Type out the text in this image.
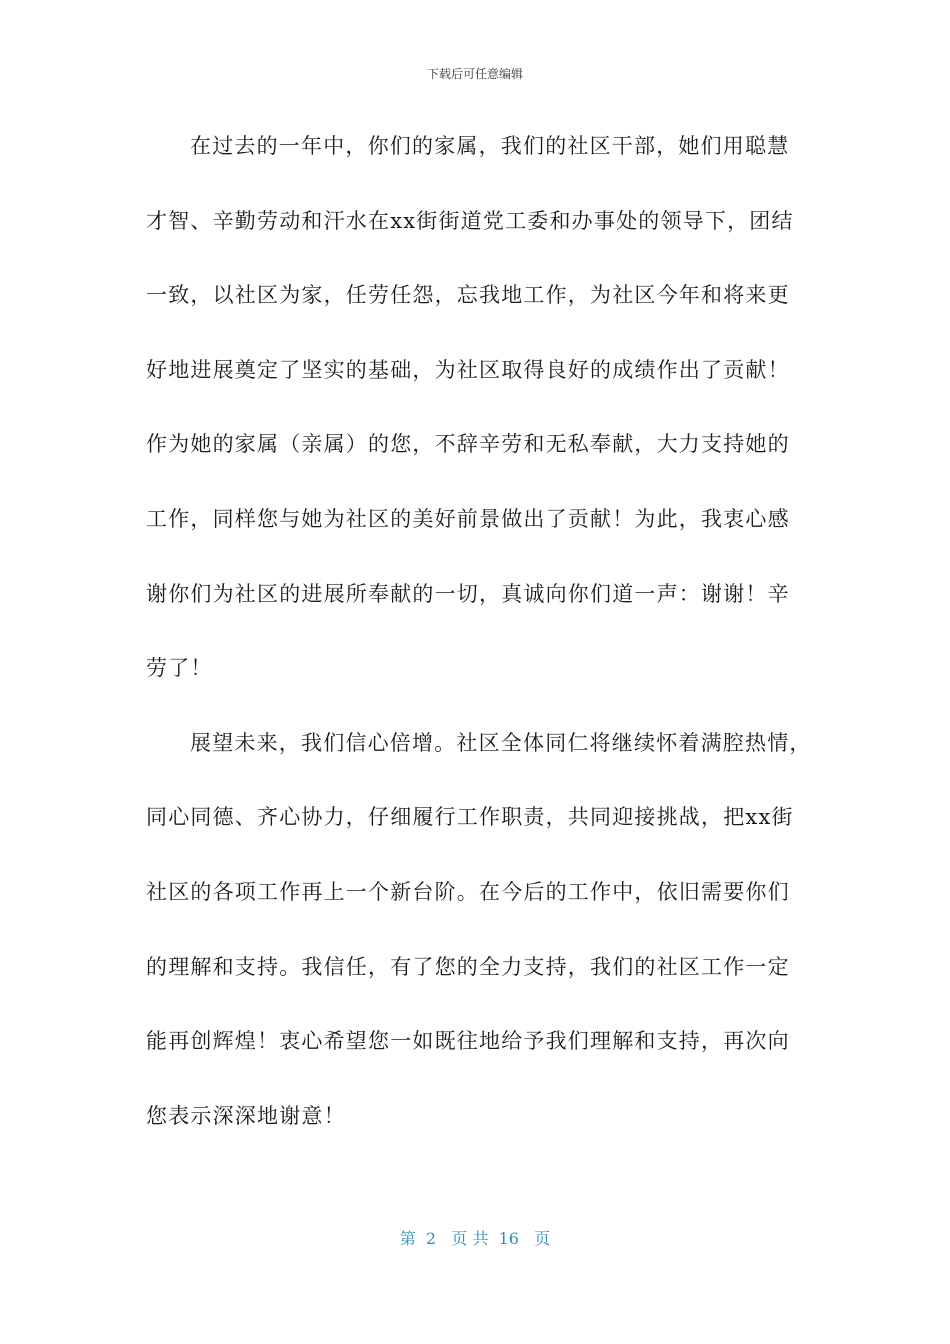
下载后可任意编辑
在过去的一年中，你们的家属，我们的社区干部，她们用聪慧
才智、辛勤劳动和汗水在xx街街道党工委和办事处的领导下，团结
一致，以社区为家，任劳任怨，忘我地工作，为社区今年和将来更
好地进展奠定了坚实的基础，为社区取得良好的成绩作出了贡献！
作为她的家属（亲属）的您，不辞辛劳和无私奉献，大力支持她的
工作，同样您与她为社区的美好前景做出了贡献！为此，我衷心感
谢你们为社区的进展所奉献的一切，真诚向你们道一声：谢谢！辛
劳了！
展望未来，我们信心倍增。社区全体同仁将继续怀着满腔热情，
同心同德、齐心协力，仔细履行工作职责，共同迎接挑战，把xx街
社区的各项工作再上一个新台阶。在今后的工作中，依旧需要你们
的理解和支持。我信任，有了您的全力支持，我们的社区工作一定
能再创辉煌！衷心希望您一如既往地给予我们理解和支持，再次向
您表示深深地谢意！
第  2   页 共  16   页
